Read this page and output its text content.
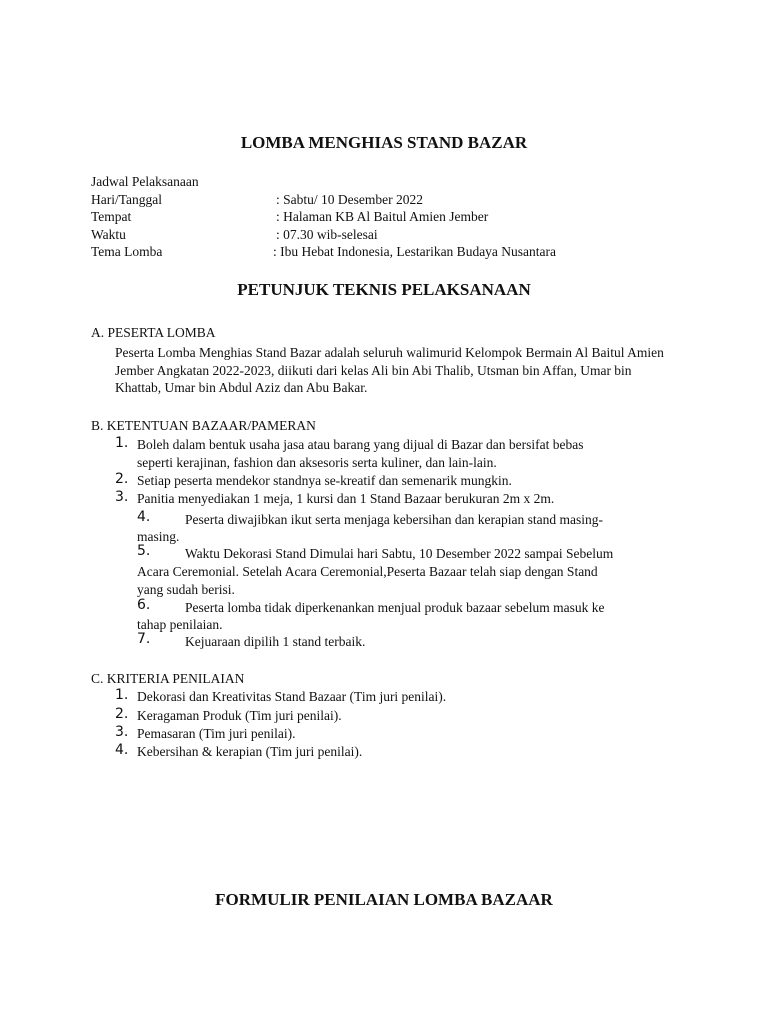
LOMBA MENGHIAS STAND BAZAR
Jadwal Pelaksanaan
Hari/Tanggal	: Sabtu/ 10 Desember 2022
Tempat	: Halaman KB Al Baitul Amien Jember
Waktu	: 07.30 wib-selesai
Tema Lomba	: Ibu Hebat Indonesia, Lestarikan Budaya Nusantara
PETUNJUK TEKNIS PELAKSANAAN
A. PESERTA LOMBA
Peserta Lomba Menghias Stand Bazar adalah seluruh walimurid Kelompok Bermain Al Baitul Amien Jember Angkatan 2022-2023, diikuti dari kelas Ali bin Abi Thalib, Utsman bin Affan, Umar bin Khattab, Umar bin Abdul Aziz dan Abu Bakar.
B. KETENTUAN BAZAAR/PAMERAN
1. Boleh dalam bentuk usaha jasa atau barang yang dijual di Bazar dan bersifat bebas
seperti kerajinan, fashion dan aksesoris serta kuliner, dan lain-lain.
2. Setiap peserta mendekor standnya se-kreatif dan semenarik mungkin.
3. Panitia menyediakan 1 meja, 1 kursi dan 1 Stand Bazaar berukuran 2m x 2m.
4.	Peserta diwajibkan ikut serta menjaga kebersihan dan kerapian stand masing-
masing.
5.	Waktu Dekorasi Stand Dimulai hari Sabtu, 10 Desember 2022 sampai Sebelum
Acara Ceremonial. Setelah Acara Ceremonial,Peserta Bazaar telah siap dengan Stand
yang sudah berisi.
6.	Peserta lomba tidak diperkenankan menjual produk bazaar sebelum masuk ke
tahap penilaian.
7.	Kejuaraan dipilih 1 stand terbaik.
C. KRITERIA PENILAIAN
1. Dekorasi dan Kreativitas Stand Bazaar (Tim juri penilai).
2. Keragaman Produk (Tim juri penilai).
3. Pemasaran (Tim juri penilai).
4. Kebersihan & kerapian (Tim juri penilai).
FORMULIR PENILAIAN LOMBA BAZAAR
